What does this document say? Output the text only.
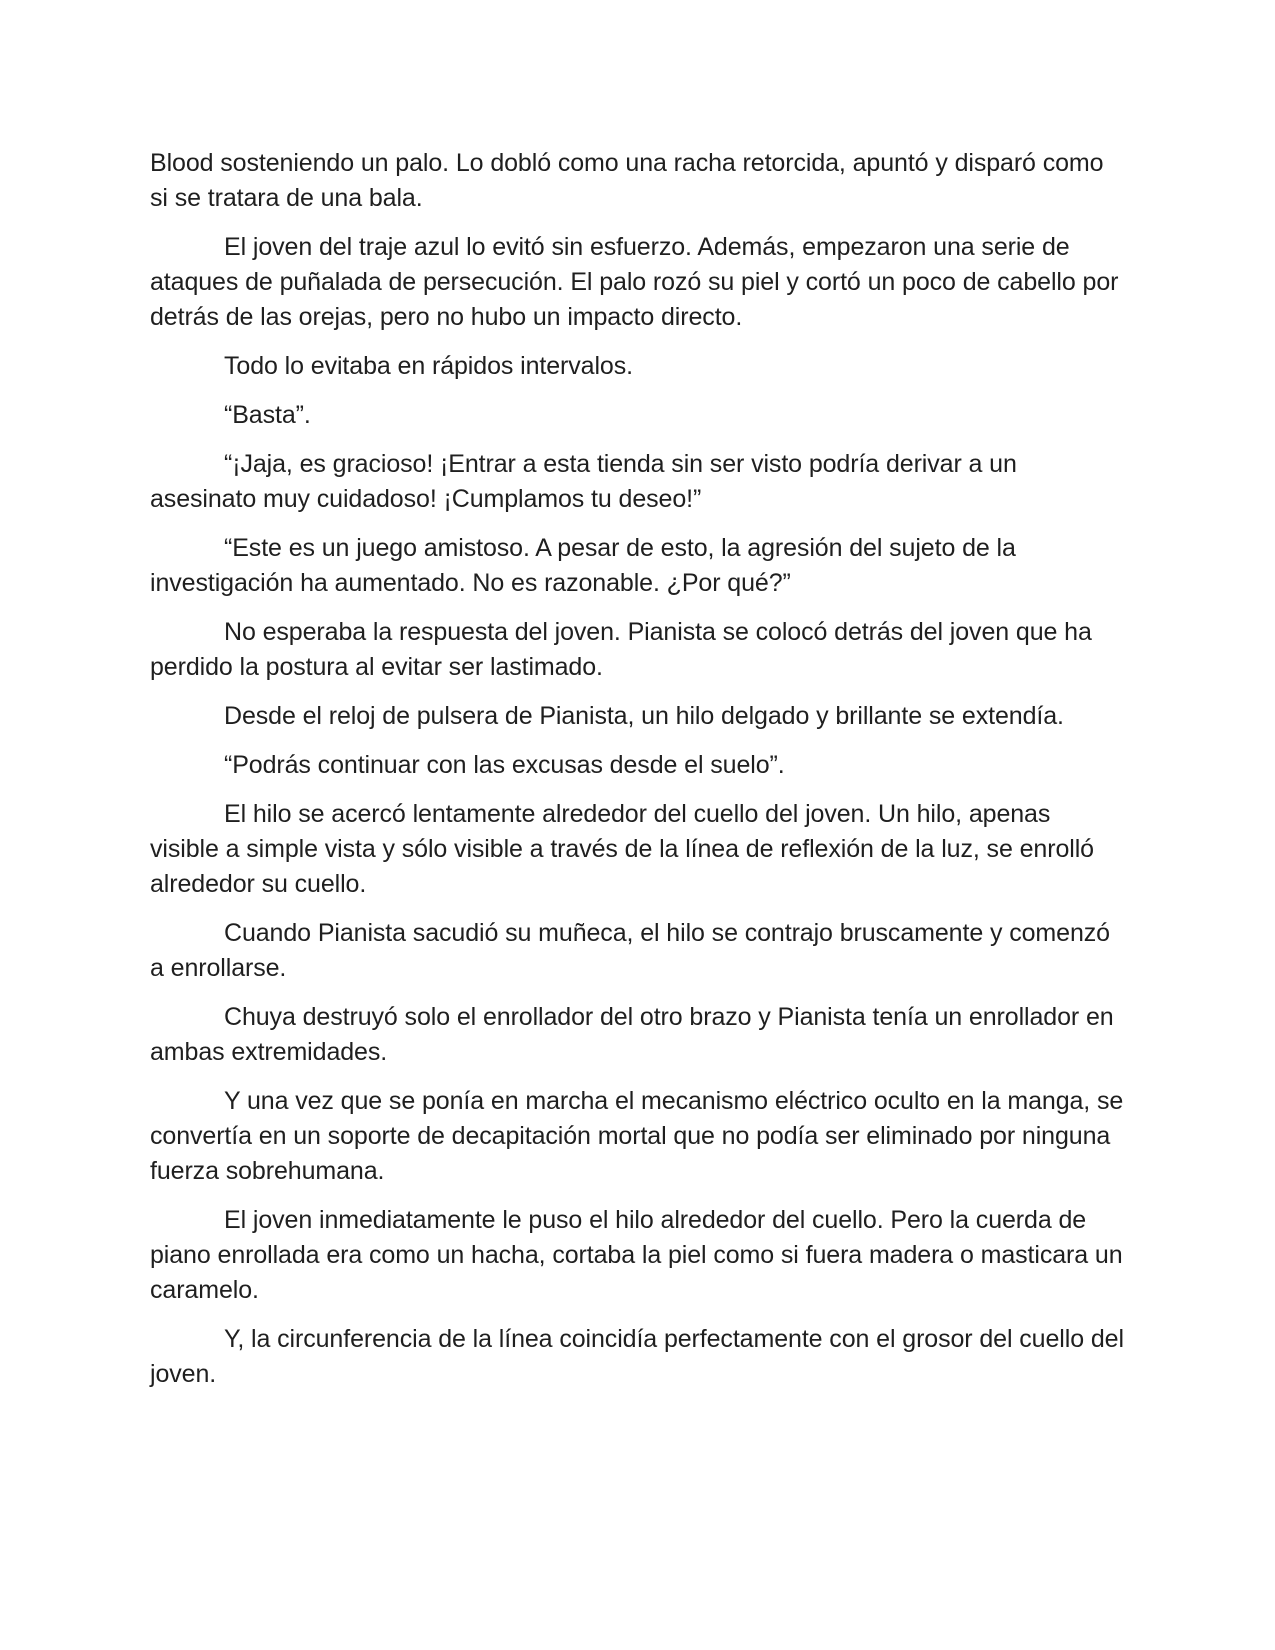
Blood sosteniendo un palo. Lo dobló como una racha retorcida, apuntó y disparó como si se tratara de una bala.

El joven del traje azul lo evitó sin esfuerzo. Además, empezaron una serie de ataques de puñalada de persecución. El palo rozó su piel y cortó un poco de cabello por detrás de las orejas, pero no hubo un impacto directo.

Todo lo evitaba en rápidos intervalos.

“Basta”.

“¡Jaja, es gracioso! ¡Entrar a esta tienda sin ser visto podría derivar a un asesinato muy cuidadoso! ¡Cumplamos tu deseo!”

“Este es un juego amistoso. A pesar de esto, la agresión del sujeto de la investigación ha aumentado. No es razonable. ¿Por qué?”

No esperaba la respuesta del joven. Pianista se colocó detrás del joven que ha perdido la postura al evitar ser lastimado.

Desde el reloj de pulsera de Pianista, un hilo delgado y brillante se extendía.

“Podrás continuar con las excusas desde el suelo”.

El hilo se acercó lentamente alrededor del cuello del joven. Un hilo, apenas visible a simple vista y sólo visible a través de la línea de reflexión de la luz, se enrolló alrededor su cuello.

Cuando Pianista sacudió su muñeca, el hilo se contrajo bruscamente y comenzó a enrollarse.

Chuya destruyó solo el enrollador del otro brazo y Pianista tenía un enrollador en ambas extremidades.

Y una vez que se ponía en marcha el mecanismo eléctrico oculto en la manga, se convertía en un soporte de decapitación mortal que no podía ser eliminado por ninguna fuerza sobrehumana.

El joven inmediatamente le puso el hilo alrededor del cuello. Pero la cuerda de piano enrollada era como un hacha, cortaba la piel como si fuera madera o masticara un caramelo.

Y, la circunferencia de la línea coincidía perfectamente con el grosor del cuello del joven.
